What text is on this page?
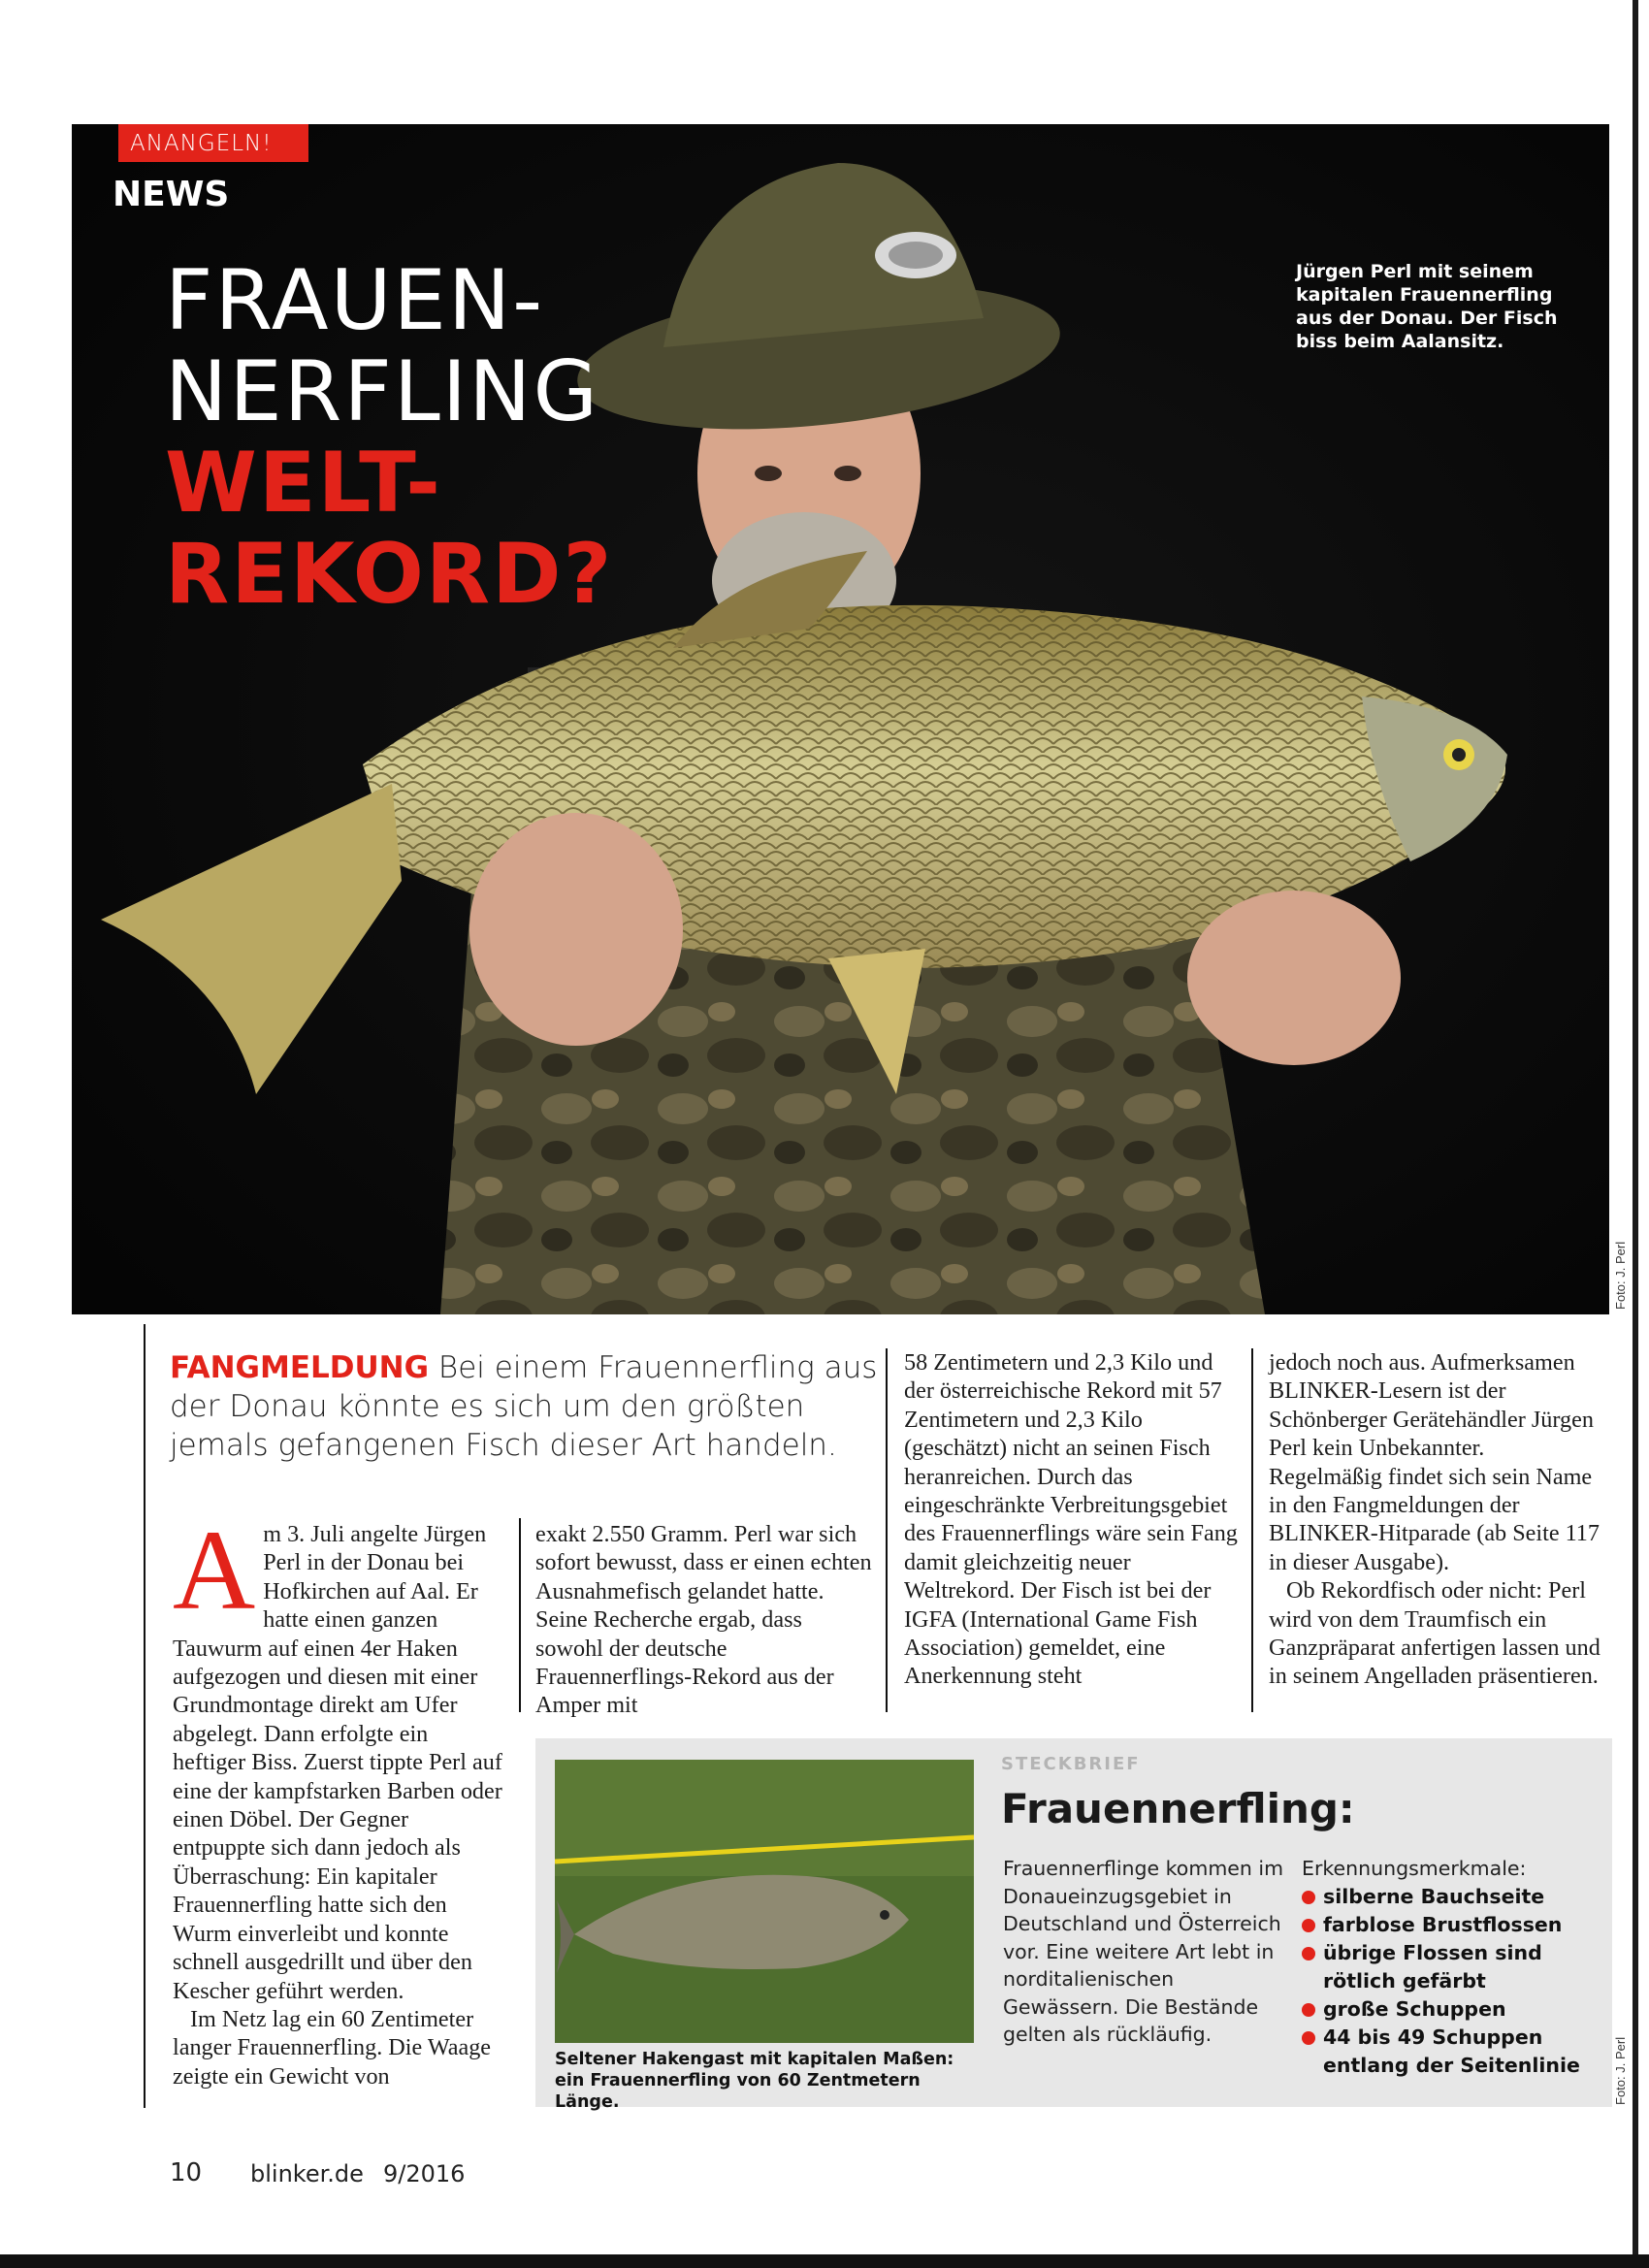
ANANGELN!
NEWS
FRAUEN-
NERFLING
WELT-
REKORD?
Jürgen Perl mit seinem kapitalen Frauennerfling aus der Donau. Der Fisch biss beim Aalansitz.
Foto: J. Perl
FANGMELDUNG Bei einem Frauennerfling aus der Donau könnte es sich um den größten jemals gefangenen Fisch dieser Art handeln.

Am 3. Juli angelte Jürgen Perl in der Donau bei Hofkirchen auf Aal. Er hatte einen ganzen Tauwurm auf einen 4er Haken aufgezogen und diesen mit einer Grundmontage direkt am Ufer abgelegt. Dann erfolgte ein heftiger Biss. Zuerst tippte Perl auf eine der kampfstarken Barben oder einen Döbel. Der Gegner entpuppte sich dann jedoch als Überraschung: Ein kapitaler Frauennerfling hatte sich den Wurm einverleibt und konnte schnell ausgedrillt und über den Kescher geführt werden.

Im Netz lag ein 60 Zentimeter langer Frauennerfling. Die Waage zeigte ein Gewicht von

exakt 2.550 Gramm. Perl war sich sofort bewusst, dass er einen echten Ausnahmefisch gelandet hatte. Seine Recherche ergab, dass sowohl der deutsche Frauennerflings-Rekord aus der Amper mit

58 Zentimetern und 2,3 Kilo und der österreichische Rekord mit 57 Zentimetern und 2,3 Kilo (geschätzt) nicht an seinen Fisch heranreichen. Durch das eingeschränkte Verbreitungsgebiet des Frauennerflings wäre sein Fang damit gleichzeitig neuer Weltrekord. Der Fisch ist bei der IGFA (International Game Fish Association) gemeldet, eine Anerkennung steht

jedoch noch aus. Aufmerksamen BLINKER-Lesern ist der Schönberger Gerätehändler Jürgen Perl kein Unbekannter. Regelmäßig findet sich sein Name in den Fangmeldungen der BLINKER-Hitparade (ab Seite 117 in dieser Ausgabe).

Ob Rekordfisch oder nicht: Perl wird von dem Traumfisch ein Ganzpräparat anfertigen lassen und in seinem Angelladen präsentieren.

Seltener Hakengast mit kapitalen Maßen: ein Frauennerfling von 60 Zentmetern Länge.
STECKBRIEF
Frauennerfling:
Frauennerflinge kommen im Donaueinzugsgebiet in Deutschland und Österreich vor. Eine weitere Art lebt in norditalienischen Gewässern. Die Bestände gelten als rückläufig.
Erkennungsmerkmale:
silberne Bauchseite
farblose Brustflossen
übrige Flossen sind rötlich gefärbt
große Schuppen
44 bis 49 Schuppen entlang der Seitenlinie	Foto: J. Perl
10 blinker.de 9/2016
